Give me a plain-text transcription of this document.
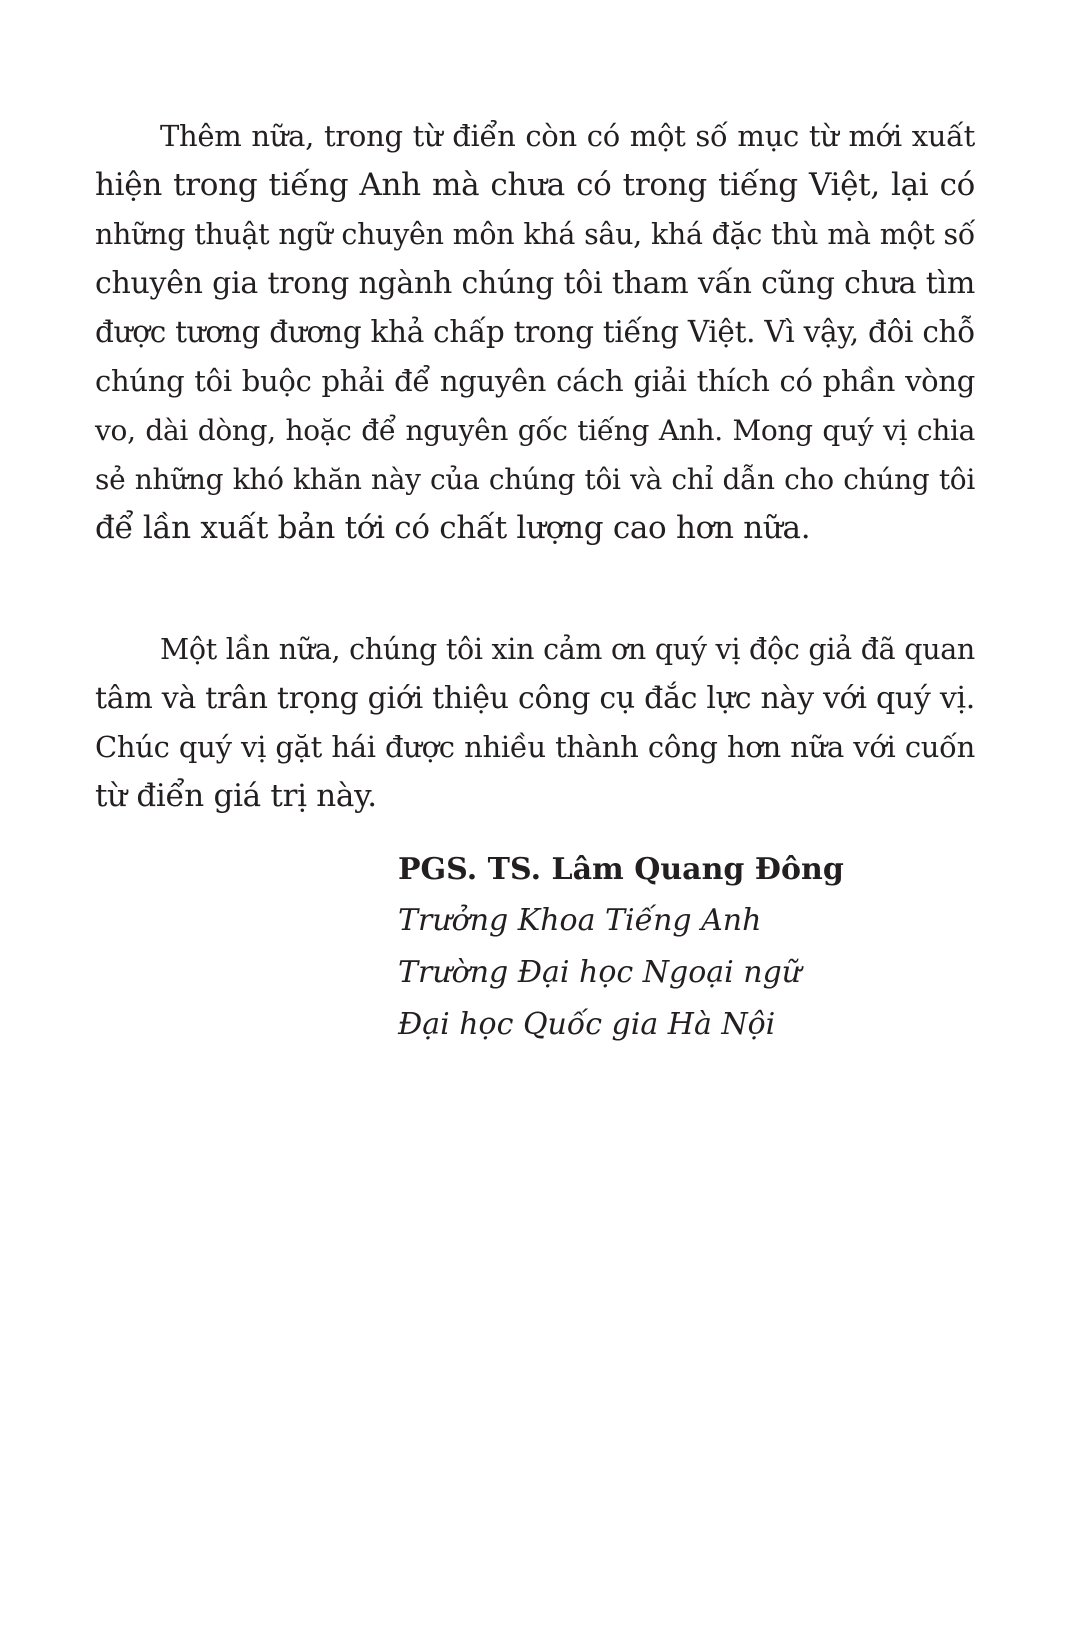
Thêm nữa, trong từ điển còn có một số mục từ mới xuất
hiện trong tiếng Anh mà chưa có trong tiếng Việt, lại có
những thuật ngữ chuyên môn khá sâu, khá đặc thù mà một số
chuyên gia trong ngành chúng tôi tham vấn cũng chưa tìm
được tương đương khả chấp trong tiếng Việt. Vì vậy, đôi chỗ
chúng tôi buộc phải để nguyên cách giải thích có phần vòng
vo, dài dòng, hoặc để nguyên gốc tiếng Anh. Mong quý vị chia
sẻ những khó khăn này của chúng tôi và chỉ dẫn cho chúng tôi
để lần xuất bản tới có chất lượng cao hơn nữa.
Một lần nữa, chúng tôi xin cảm ơn quý vị độc giả đã quan
tâm và trân trọng giới thiệu công cụ đắc lực này với quý vị.
Chúc quý vị gặt hái được nhiều thành công hơn nữa với cuốn
từ điển giá trị này.
PGS. TS. Lâm Quang Đông
Trưởng Khoa Tiếng Anh
Trường Đại học Ngoại ngữ
Đại học Quốc gia Hà Nội
